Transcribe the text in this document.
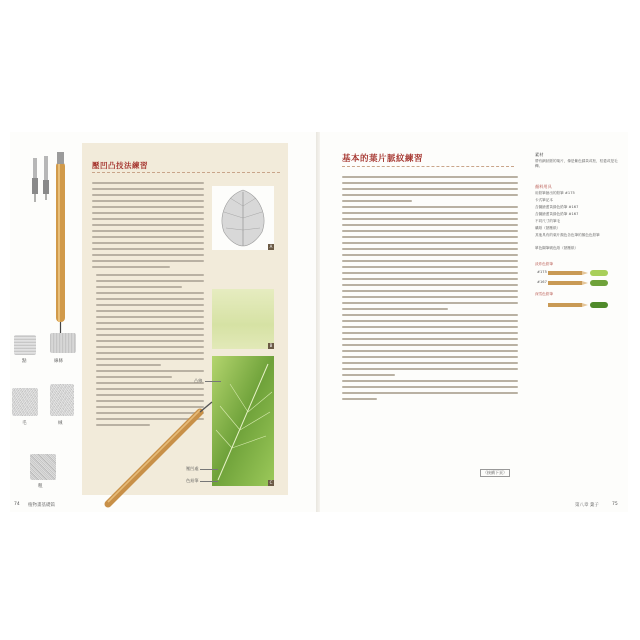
點	線條
毛	絨
粗
壓凹凸技法練習
A
B
C
凸線
壓凹處
色鉛筆
74 植物畫基礎篇
基本的葉片脈紋練習
（接續下頁）
素材
帶有網狀脈的葉片，像是紫色蘇黃或松，枯萎或是毛櫸。
顏料用具
用鉛筆繪出的鉛筆 #175
卡式筆記本
含圖繪畫黃綠色鉛筆 #167
含圖繪畫黃綠色鉛筆 #167
不同尺寸的筆毛
礦紙（熱壓紙）
其他具有的葉片顏色各色筆的顏色色鉛筆
單色鋼筆刷色紙（熱壓紙）
淡炸色鉛筆
#175
#167
深雪色鉛筆
第八章 葉子	75
